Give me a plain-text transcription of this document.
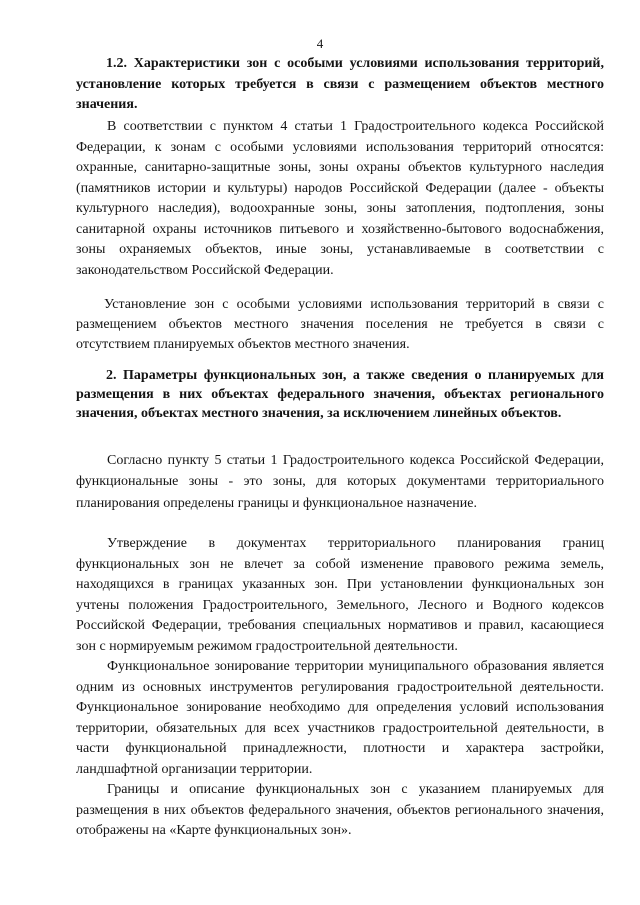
4

1.2. Характеристики зон с особыми условиями использования территорий, установление которых требуется в связи с размещением объектов местного значения.

В соответствии с пунктом 4 статьи 1 Градостроительного кодекса Российской Федерации, к зонам с особыми условиями использования территорий относятся: охранные, санитарно-защитные зоны, зоны охраны объектов культурного наследия (памятников истории и культуры) народов Российской Федерации (далее - объекты культурного наследия), водоохранные зоны, зоны затопления, подтопления, зоны санитарной охраны источников питьевого и хозяйственно-бытового водоснабжения, зоны охраняемых объектов, иные зоны, устанавливаемые в соответствии с законодательством Российской Федерации.

Установление зон с особыми условиями использования территорий в связи с размещением объектов местного значения поселения не требуется в связи с отсутствием планируемых объектов местного значения.

2. Параметры функциональных зон, а также сведения о планируемых для размещения в них объектах федерального значения, объектах регионального значения, объектах местного значения, за исключением линейных объектов.

Согласно пункту 5 статьи 1 Градостроительного кодекса Российской Федерации, функциональные зоны - это зоны, для которых документами территориального планирования определены границы и функциональное назначение.

Утверждение в документах территориального планирования границ функциональных зон не влечет за собой изменение правового режима земель, находящихся в границах указанных зон. При установлении функциональных зон учтены положения Градостроительного, Земельного, Лесного и Водного кодексов Российской Федерации, требования специальных нормативов и правил, касающиеся зон с нормируемым режимом градостроительной деятельности.

Функциональное зонирование территории муниципального образования является одним из основных инструментов регулирования градостроительной деятельности. Функциональное зонирование необходимо для определения условий использования территории, обязательных для всех участников градостроительной деятельности, в части функциональной принадлежности, плотности и характера застройки, ландшафтной организации территории.

Границы и описание функциональных зон с указанием планируемых для размещения в них объектов федерального значения, объектов регионального значения, отображены на «Карте функциональных зон».
